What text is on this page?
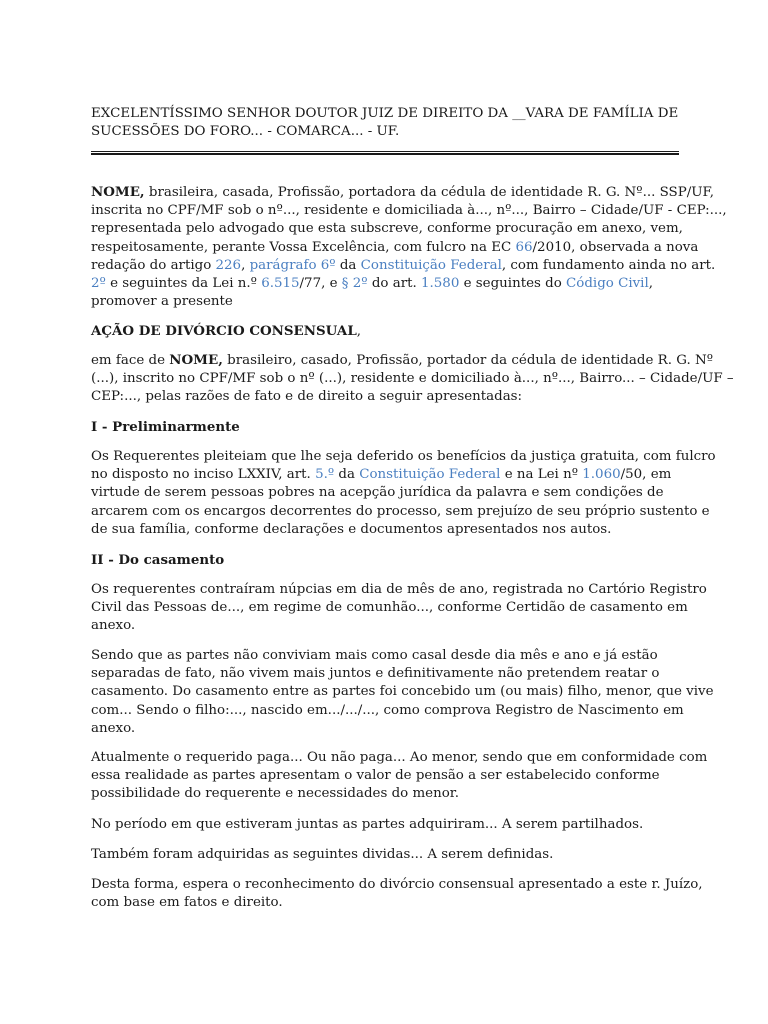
EXCELENTÍSSIMO SENHOR DOUTOR JUIZ DE DIREITO DA __VARA DE FAMÍLIA DE
SUCESSÕES DO FORO... - COMARCA... - UF.

NOME, brasileira, casada, Profissão, portadora da cédula de identidade R. G. Nº... SSP/UF,
inscrita no CPF/MF sob o nº..., residente e domiciliada à..., nº..., Bairro – Cidade/UF - CEP:...,
representada pelo advogado que esta subscreve, conforme procuração em anexo, vem,
respeitosamente, perante Vossa Excelência, com fulcro na EC 66/2010, observada a nova
redação do artigo 226, parágrafo 6º da Constituição Federal, com fundamento ainda no art.
2º e seguintes da Lei n.º 6.515/77, e § 2º do art. 1.580 e seguintes do Código Civil,
promover a presente

AÇÃO DE DIVÓRCIO CONSENSUAL,

em face de NOME, brasileiro, casado, Profissão, portador da cédula de identidade R. G. Nº
(...), inscrito no CPF/MF sob o nº (...), residente e domiciliado à..., nº..., Bairro... – Cidade/UF –
CEP:..., pelas razões de fato e de direito a seguir apresentadas:

I - Preliminarmente

Os Requerentes pleiteiam que lhe seja deferido os benefícios da justiça gratuita, com fulcro
no disposto no inciso LXXIV, art. 5.º da Constituição Federal e na Lei nº 1.060/50, em
virtude de serem pessoas pobres na acepção jurídica da palavra e sem condições de
arcarem com os encargos decorrentes do processo, sem prejuízo de seu próprio sustento e
de sua família, conforme declarações e documentos apresentados nos autos.

II - Do casamento

Os requerentes contraíram núpcias em dia de mês de ano, registrada no Cartório Registro
Civil das Pessoas de..., em regime de comunhão..., conforme Certidão de casamento em
anexo.

Sendo que as partes não conviviam mais como casal desde dia mês e ano e já estão
separadas de fato, não vivem mais juntos e definitivamente não pretendem reatar o
casamento. Do casamento entre as partes foi concebido um (ou mais) filho, menor, que vive
com... Sendo o filho:..., nascido em.../.../..., como comprova Registro de Nascimento em
anexo.

Atualmente o requerido paga... Ou não paga... Ao menor, sendo que em conformidade com
essa realidade as partes apresentam o valor de pensão a ser estabelecido conforme
possibilidade do requerente e necessidades do menor.

No período em que estiveram juntas as partes adquiriram... A serem partilhados.

Também foram adquiridas as seguintes dividas... A serem definidas.

Desta forma, espera o reconhecimento do divórcio consensual apresentado a este r. Juízo,
com base em fatos e direito.
